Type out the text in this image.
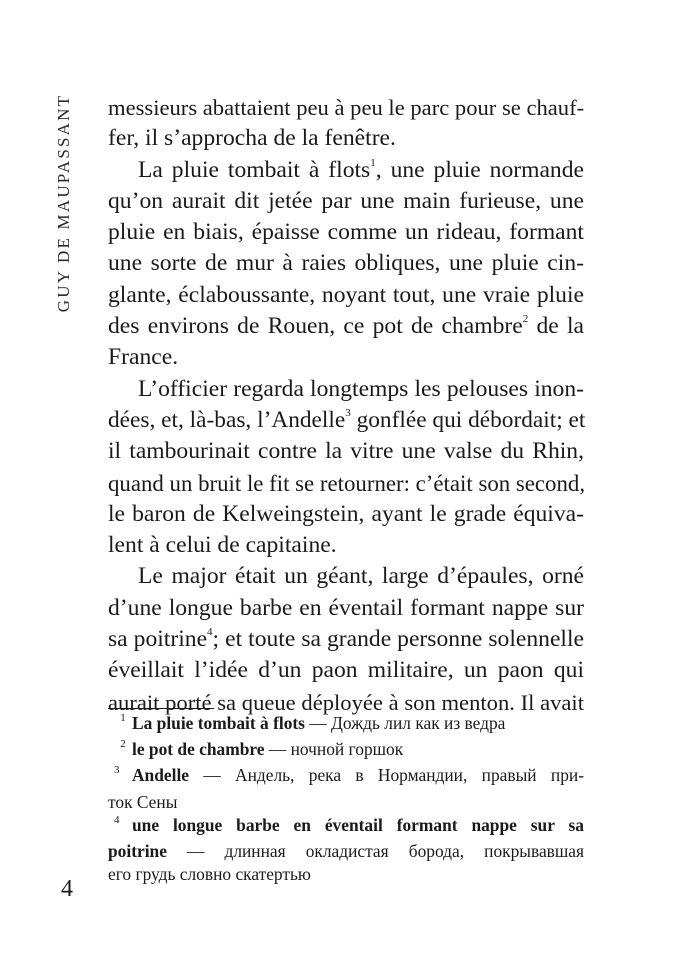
GUY DE MAUPASSANT messieurs abattaient peu à peu le parc pour se chauf-
fer, il s’approcha de la fenêtre.

La pluie tombait à flots$^1$, une pluie normande
qu’on aurait dit jetée par une main furieuse, une
pluie en biais, épaisse comme un rideau, formant
une sorte de mur à raies obliques, une pluie cin-
glante, éclaboussante, noyant tout, une vraie pluie
des environs de Rouen, ce pot de chambre$^2$ de la
France.

L’officier regarda longtemps les pelouses inon-
dées, et, là-bas, l’Andelle$^3$ gonflée qui débordait; et
il tambourinait contre la vitre une valse du Rhin,
quand un bruit le fit se retourner: c’était son second,
le baron de Kelweingstein, ayant le grade équiva-
lent à celui de capitaine.

Le major était un géant, large d’épaules, orné
d’une longue barbe en éventail formant nappe sur
sa poitrine$^4$; et toute sa grande personne solennelle
éveillait l’idée d’un paon militaire, un paon qui
aurait porté sa queue déployée à son menton. Il avait

1 La pluie tombait à flots — Дождь лил как из ведра
2 le pot de chambre — ночной горшок
3 Andelle — Андель, река в Нормандии, правый при-
ток Сены
4 une longue barbe en éventail formant nappe sur sa
poitrine — длинная окладистая борода, покрывавшая
его грудь словно скатертью
4
